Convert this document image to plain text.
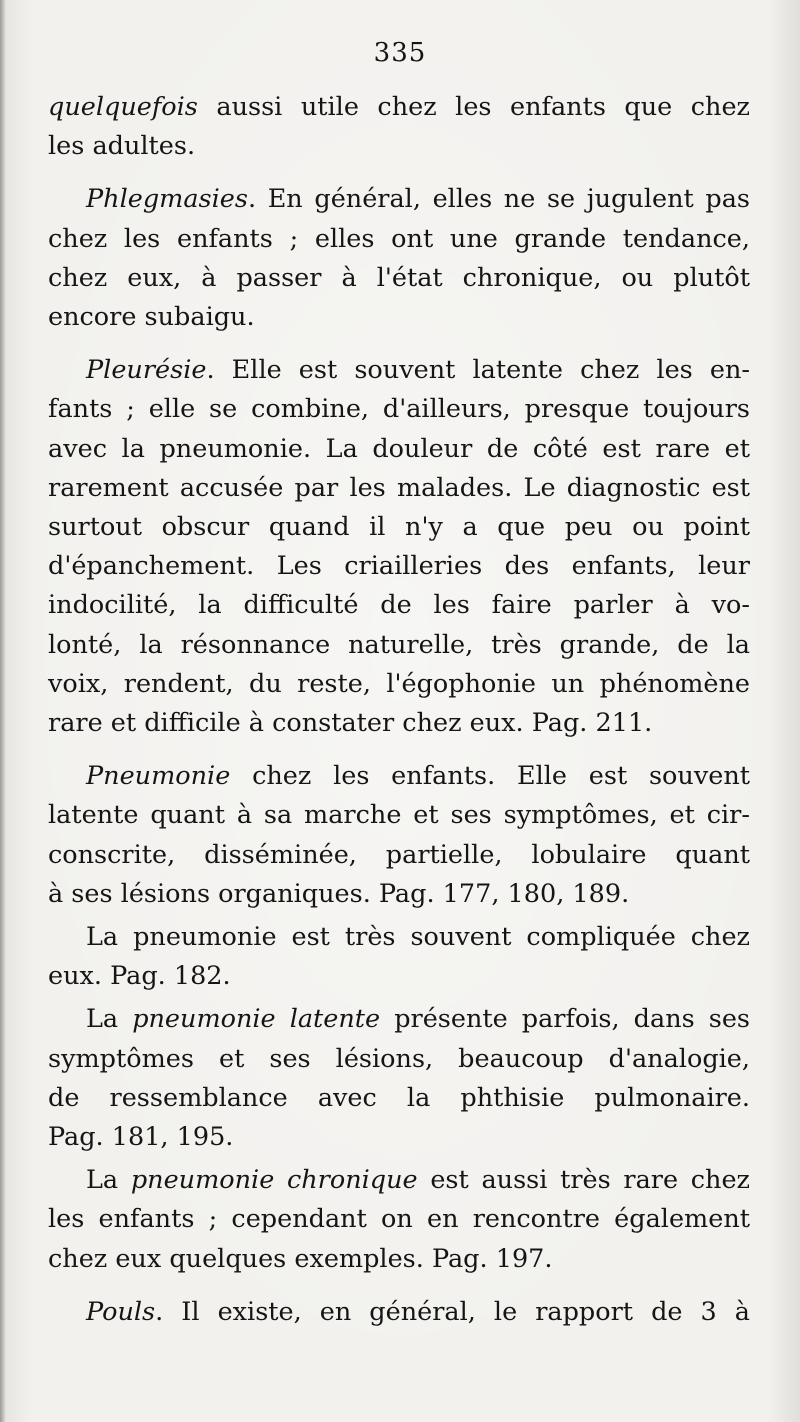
335
quelquefois aussi utile chez les enfants que chez
les adultes.
Phlegmasies. En général, elles ne se jugulent pas
chez les enfants ; elles ont une grande tendance,
chez eux, à passer à l'état chronique, ou plutôt
encore subaigu.
Pleurésie. Elle est souvent latente chez les en-
fants ; elle se combine, d'ailleurs, presque toujours
avec la pneumonie. La douleur de côté est rare et
rarement accusée par les malades. Le diagnostic est
surtout obscur quand il n'y a que peu ou point
d'épanchement. Les criailleries des enfants, leur
indocilité, la difficulté de les faire parler à vo-
lonté, la résonnance naturelle, très grande, de la
voix, rendent, du reste, l'égophonie un phénomène
rare et difficile à constater chez eux. Pag. 211.
Pneumonie chez les enfants. Elle est souvent
latente quant à sa marche et ses symptômes, et cir-
conscrite, disséminée, partielle, lobulaire quant
à ses lésions organiques. Pag. 177, 180, 189.
La pneumonie est très souvent compliquée chez
eux. Pag. 182.
La pneumonie latente présente parfois, dans ses
symptômes et ses lésions, beaucoup d'analogie,
de ressemblance avec la phthisie pulmonaire.
Pag. 181, 195.
La pneumonie chronique est aussi très rare chez
les enfants ; cependant on en rencontre également
chez eux quelques exemples. Pag. 197.
Pouls. Il existe, en général, le rapport de 3 à
